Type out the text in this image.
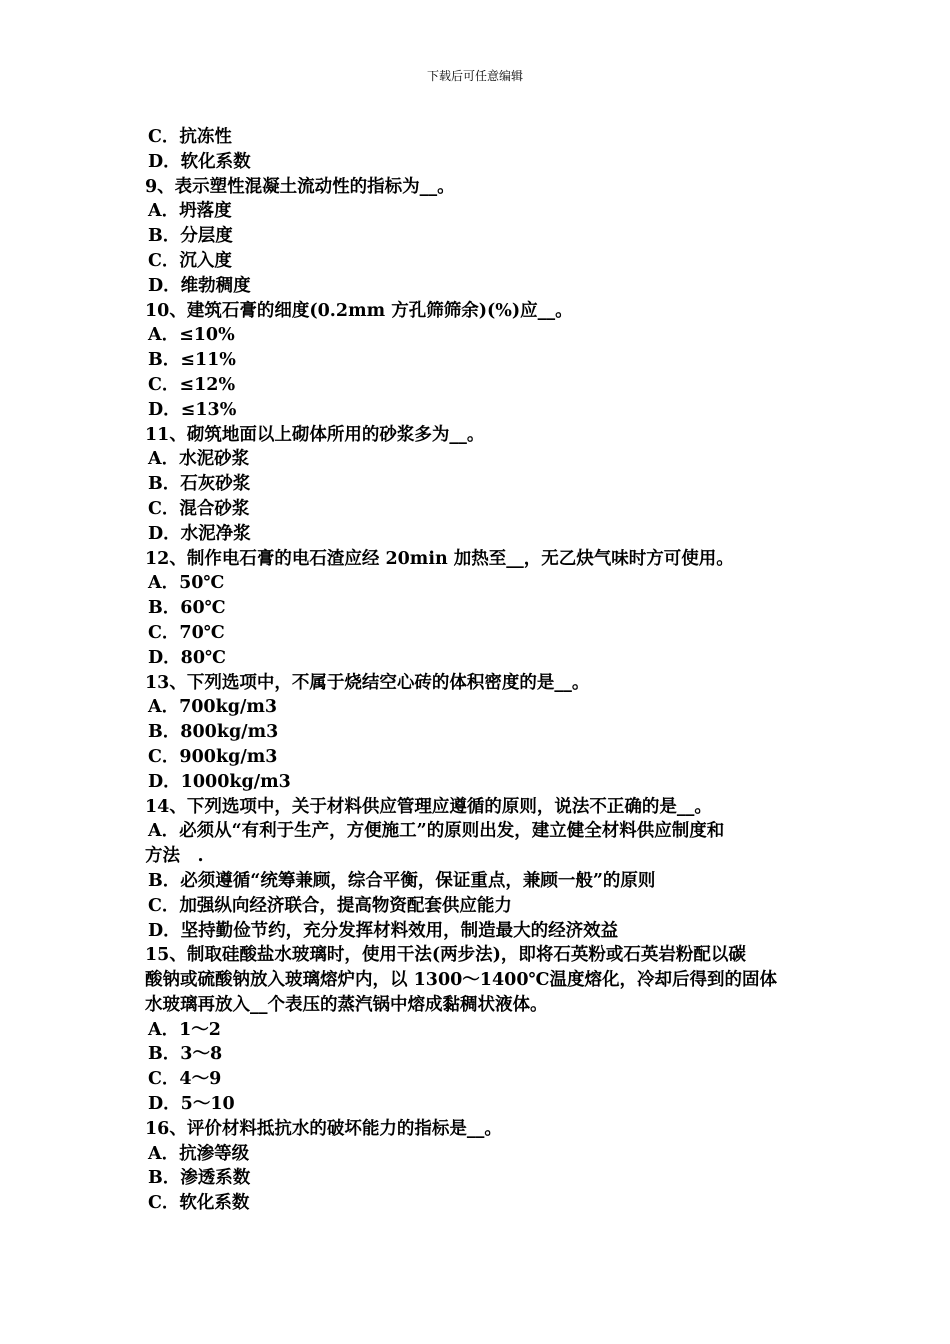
下载后可任意编辑
C．抗冻性
D．软化系数
9、表示塑性混凝土流动性的指标为__。
A．坍落度
B．分层度
C．沉入度
D．维勃稠度
10、建筑石膏的细度(0.2mm 方孔筛筛余)(%)应__。
A．≤10%
B．≤11%
C．≤12%
D．≤13%
11、砌筑地面以上砌体所用的砂浆多为__。
A．水泥砂浆
B．石灰砂浆
C．混合砂浆
D．水泥净浆
12、制作电石膏的电石渣应经 20min 加热至__，无乙炔气味时方可使用。
A．50℃
B．60℃
C．70℃
D．80℃
13、下列选项中，不属于烧结空心砖的体积密度的是__。
A．700kg/m3
B．800kg/m3
C．900kg/m3
D．1000kg/m3
14、下列选项中，关于材料供应管理应遵循的原则，说法不正确的是__。
A．必须从“有利于生产，方便施工”的原则出发，建立健全材料供应制度和
方法　.
B．必须遵循“统筹兼顾，综合平衡，保证重点，兼顾一般”的原则
C．加强纵向经济联合，提高物资配套供应能力
D．坚持勤俭节约，充分发挥材料效用，制造最大的经济效益
15、制取硅酸盐水玻璃时，使用干法(两步法)，即将石英粉或石英岩粉配以碳
酸钠或硫酸钠放入玻璃熔炉内，以 1300～1400℃温度熔化，冷却后得到的固体
水玻璃再放入__个表压的蒸汽锅中熔成黏稠状液体。
A．1～2
B．3～8
C．4～9
D．5～10
16、评价材料抵抗水的破坏能力的指标是__。
A．抗渗等级
B．渗透系数
C．软化系数
